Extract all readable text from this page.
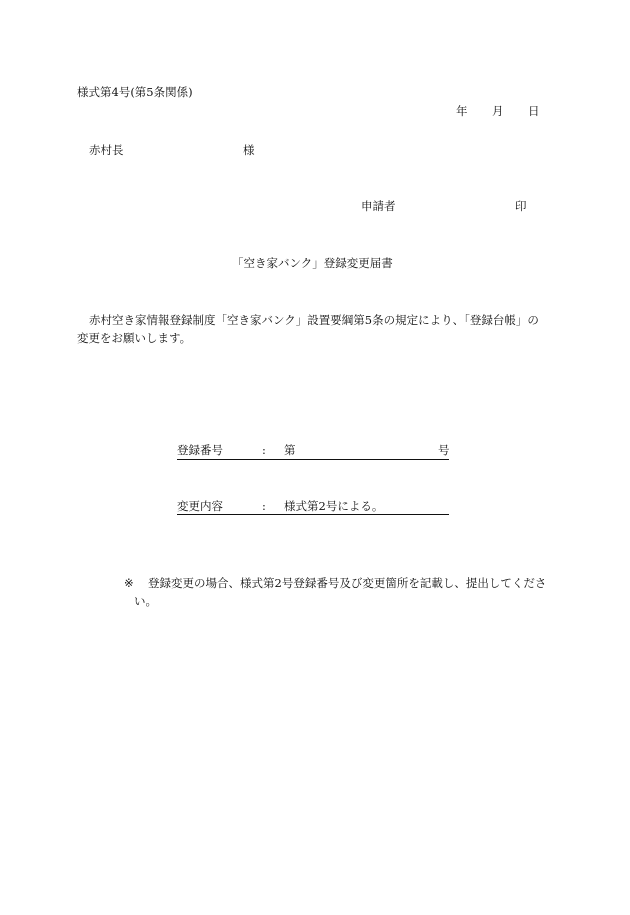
様式第4号(第5条関係)
年 月 日
赤村長	様
申請者	印
「空き家バンク」登録変更届書
赤村空き家情報登録制度「空き家バンク」設置要綱第5条の規定により、「登録台帳」の
変更をお願いします。
登録番号	: 第	号
変更内容	: 様式第2号による。
※ 登録変更の場合、様式第2号登録番号及び変更箇所を記載し、提出してくださ
い。
